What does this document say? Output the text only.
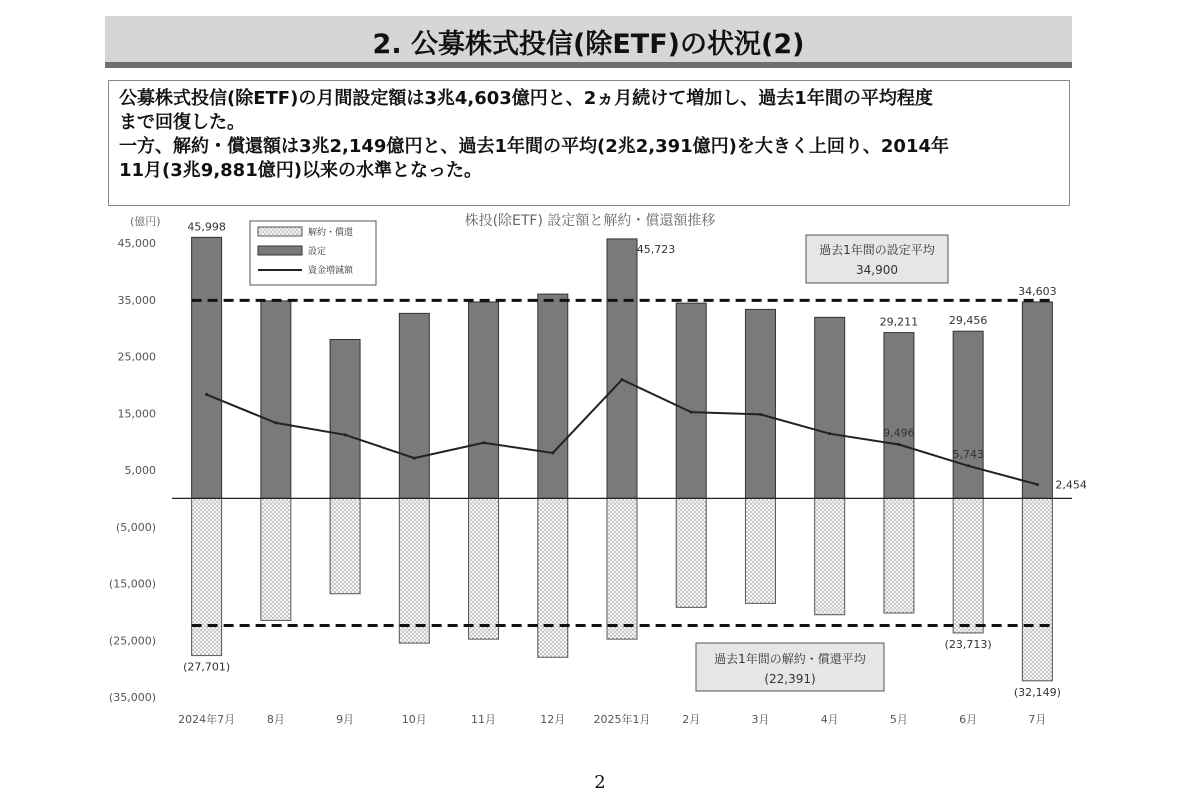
2. 公募株式投信(除ETF)の状況(2)

公募株式投信(除ETF)の月間設定額は3兆4,603億円と、2ヵ月続けて増加し、過去1年間の平均程度

まで回復した。

一方、解約・償還額は3兆2,149億円と、過去1年間の平均(2兆2,391億円)を大きく上回り、2014年

11月(3兆9,881億円)以来の水準となった。

株投(除ETF) 設定額と解約・償還額推移
(億円)
45,000
35,000
25,000
15,000
5,000
(5,000)
(15,000)
(25,000)
(35,000)
2024年7月	8月	9月	10月	11月	12月	2025年1月	2月	3月	4月	5月	6月	7月
過去1年間の設定平均
34,900
過去1年間の解約・償還平均
(22,391)
45,998
45,723
29,211	29,456
34,603
(27,701)
(23,713)
(32,149)
9,496
5,743
2,454
解約・償還
設定
資金増減額
2
